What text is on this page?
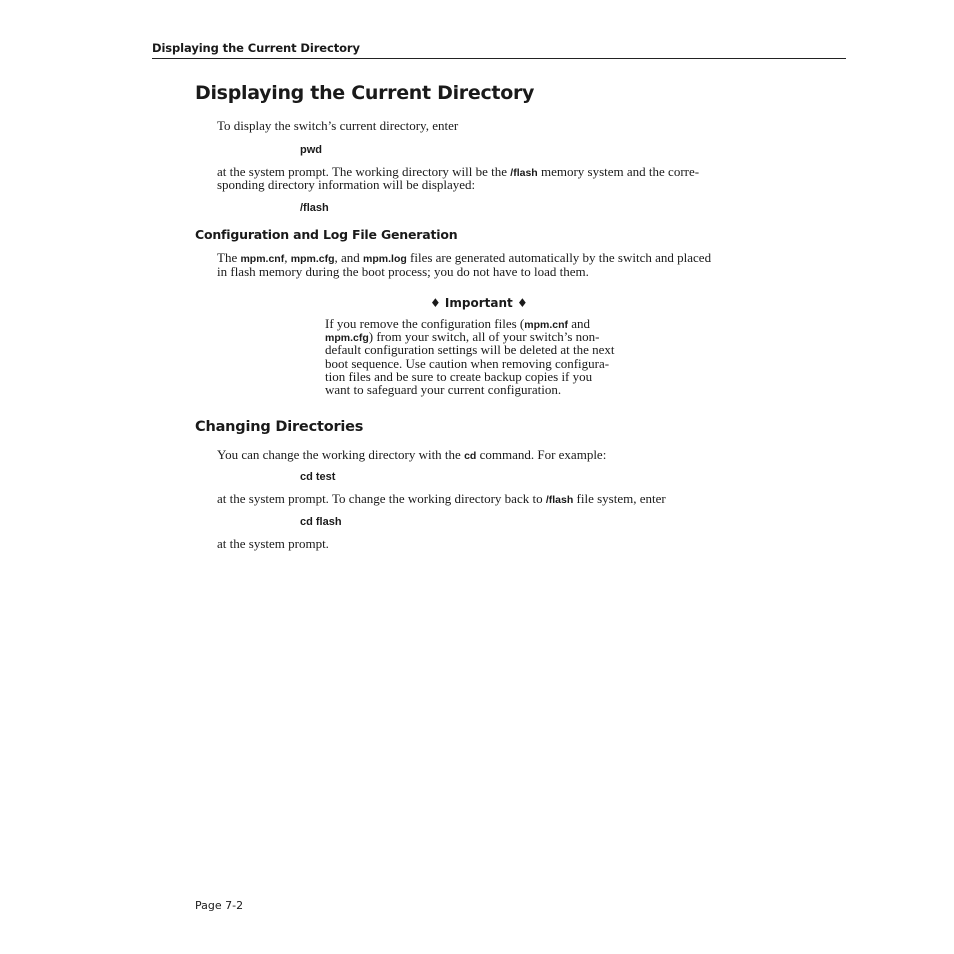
Displaying the Current Directory
Displaying the Current Directory
To display the switch’s current directory, enter
pwd
at the system prompt. The working directory will be the /flash memory system and the corre-
sponding directory information will be displayed:
/flash
Configuration and Log File Generation
The mpm.cnf, mpm.cfg, and mpm.log files are generated automatically by the switch and placed
in flash memory during the boot process; you do not have to load them.
♦ Important ♦
If you remove the configuration files (mpm.cnf and
mpm.cfg) from your switch, all of your switch’s non-
default configuration settings will be deleted at the next
boot sequence. Use caution when removing configura-
tion files and be sure to create backup copies if you
want to safeguard your current configuration.
Changing Directories
You can change the working directory with the cd command. For example:
cd test
at the system prompt. To change the working directory back to /flash file system, enter
cd flash
at the system prompt.
Page 7-2
